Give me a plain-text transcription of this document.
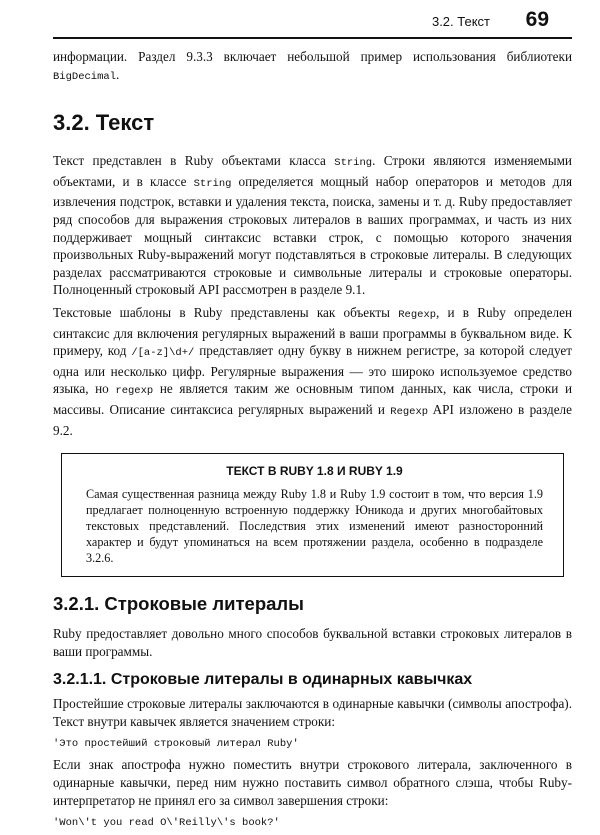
3.2. Текст 69

информации. Раздел 9.3.3 включает небольшой пример использования библиотеки BigDecimal.

3.2. Текст

Текст представлен в Ruby объектами класса String. Строки являются изменяемыми объектами, и в классе String определяется мощный набор операторов и методов для извлечения подстрок, вставки и удаления текста, поиска, замены и т. д. Ruby предоставляет ряд способов для выражения строковых литералов в ваших программах, и часть из них поддерживает мощный синтаксис вставки строк, с помощью которого значения произвольных Ruby-выражений могут подставляться в строковые литералы. В следующих разделах рассматриваются строковые и символьные литералы и строковые операторы. Полноценный строковый API рассмотрен в разделе 9.1.

Текстовые шаблоны в Ruby представлены как объекты Regexp, и в Ruby определен синтаксис для включения регулярных выражений в ваши программы в буквальном виде. К примеру, код /[a-z]\d+/ представляет одну букву в нижнем регистре, за которой следует одна или несколько цифр. Регулярные выражения — это широко используемое средство языка, но regexp не является таким же основным типом данных, как числа, строки и массивы. Описание синтаксиса регулярных выражений и Regexp API изложено в разделе 9.2.

ТЕКСТ В RUBY 1.8 И RUBY 1.9

Самая существенная разница между Ruby 1.8 и Ruby 1.9 состоит в том, что версия 1.9 предлагает полноценную встроенную поддержку Юникода и других многобайтовых текстовых представлений. Последствия этих изменений имеют разносторонний характер и будут упоминаться на всем протяжении раздела, особенно в подразделе 3.2.6.

3.2.1. Строковые литералы

Ruby предоставляет довольно много способов буквальной вставки строковых литералов в ваши программы.

3.2.1.1. Строковые литералы в одинарных кавычках

Простейшие строковые литералы заключаются в одинарные кавычки (символы апострофа). Текст внутри кавычек является значением строки:

'Это простейший строковый литерал Ruby'

Если знак апострофа нужно поместить внутри строкового литерала, заключенного в одинарные кавычки, перед ним нужно поставить символ обратного слэша, чтобы Ruby-интерпретатор не принял его за символ завершения строки:

'Won\'t you read O\'Reilly\'s book?'
